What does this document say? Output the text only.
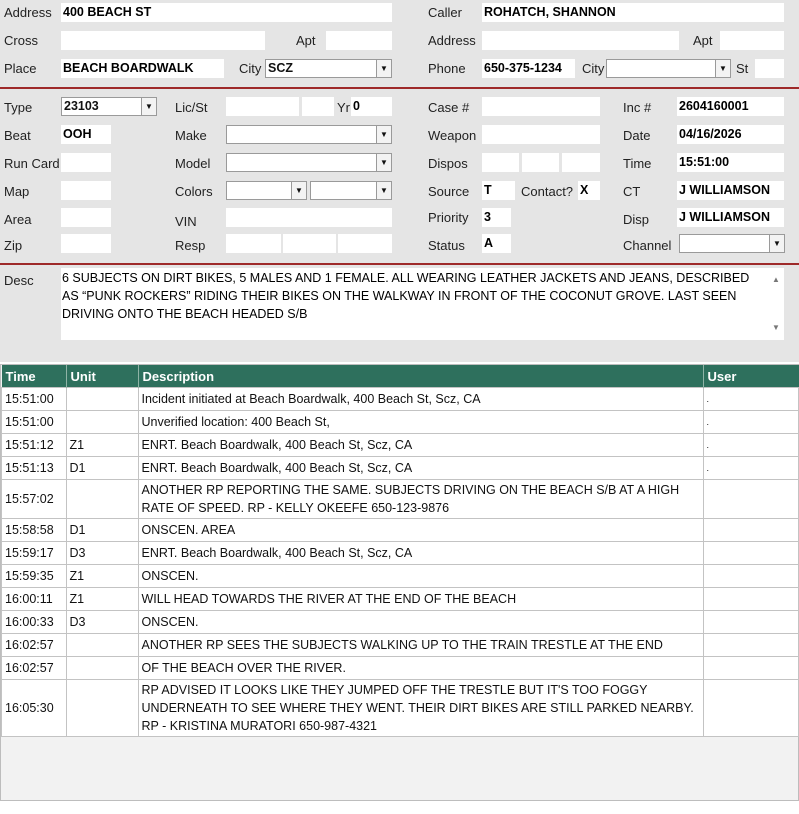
Address 400 BEACH ST	Caller ROHATCH, SHANNON
Cross	Apt	Address	Apt
Place BEACH BOARDWALK	City SCZ	▼	Phone 650-375-1234	City	▼ St
Type	23103	▼ Lic/St	Yr 0	Case #	Inc # 2604160001
Beat	OOH	Make	▼	Weapon	Date 04/16/2026
Run Card	Model	▼	Dispos	Time 15:51:00
Map	Colors	▼	▼	Source T	Contact? X	CT	J WILLIAMSON
Area	VIN	Priority 3	Disp J WILLIAMSON
Zip	Resp	Status A	Channel	▼
Desc 6 SUBJECTS ON DIRT BIKES, 5 MALES AND 1 FEMALE. ALL WEARING LEATHER JACKETS AND JEANS, DESCRIBED AS “PUNK ROCKERS” RIDING THEIR BIKES ON THE WALKWAY IN FRONT OF THE COCONUT GROVE. LAST SEEN DRIVING ONTO THE BEACH HEADED S/B
▲
▼
Time	Unit	Description	User
15:51:00		Incident initiated at Beach Boardwalk, 400 Beach St, Scz, CA	.
15:51:00		Unverified location: 400 Beach St,	.
15:51:12	Z1	ENRT. Beach Boardwalk, 400 Beach St, Scz, CA	.
15:51:13	D1	ENRT. Beach Boardwalk, 400 Beach St, Scz, CA	.
15:57:02		ANOTHER RP REPORTING THE SAME. SUBJECTS DRIVING ON THE BEACH S/B AT A HIGH RATE OF SPEED. RP - KELLY OKEEFE 650-123-9876	
15:58:58	D1	ONSCEN. AREA	
15:59:17	D3	ENRT. Beach Boardwalk, 400 Beach St, Scz, CA	
15:59:35	Z1	ONSCEN.	
16:00:11	Z1	WILL HEAD TOWARDS THE RIVER AT THE END OF THE BEACH	
16:00:33	D3	ONSCEN.	
16:02:57		ANOTHER RP SEES THE SUBJECTS WALKING UP TO THE TRAIN TRESTLE AT THE END	
16:02:57		OF THE BEACH OVER THE RIVER.	
16:05:30		RP ADVISED IT LOOKS LIKE THEY JUMPED OFF THE TRESTLE BUT IT'S TOO FOGGY UNDERNEATH TO SEE WHERE THEY WENT. THEIR DIRT BIKES ARE STILL PARKED NEARBY. RP - KRISTINA MURATORI 650-987-4321	
